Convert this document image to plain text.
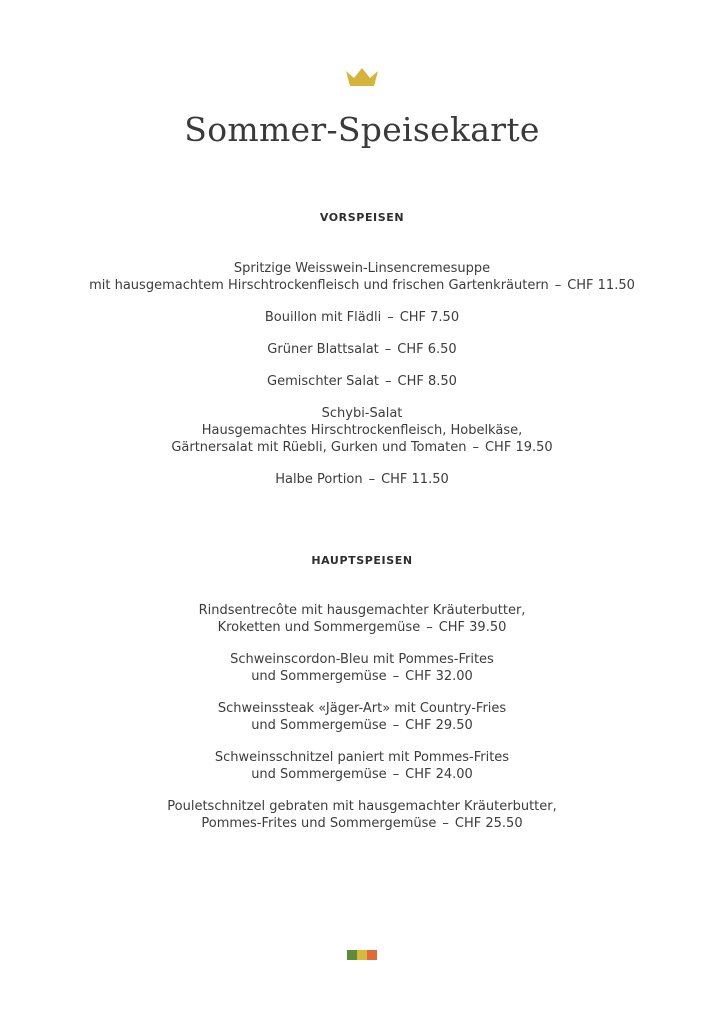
Sommer-Speisekarte
VORSPEISEN
Spritzige Weisswein-Linsencremesuppe
mit hausgemachtem Hirschtrockenfleisch und frischen Gartenkräutern – CHF 11.50
Bouillon mit Flädli – CHF 7.50
Grüner Blattsalat – CHF 6.50
Gemischter Salat – CHF 8.50
Schybi-Salat
Hausgemachtes Hirschtrockenfleisch, Hobelkäse,
Gärtnersalat mit Rüebli, Gurken und Tomaten – CHF 19.50
Halbe Portion – CHF 11.50
HAUPTSPEISEN
Rindsentrecôte mit hausgemachter Kräuterbutter,
Kroketten und Sommergemüse – CHF 39.50
Schweinscordon-Bleu mit Pommes-Frites
und Sommergemüse – CHF 32.00
Schweinssteak «Jäger-Art» mit Country-Fries
und Sommergemüse – CHF 29.50
Schweinsschnitzel paniert mit Pommes-Frites
und Sommergemüse – CHF 24.00
Pouletschnitzel gebraten mit hausgemachter Kräuterbutter,
Pommes-Frites und Sommergemüse – CHF 25.50
